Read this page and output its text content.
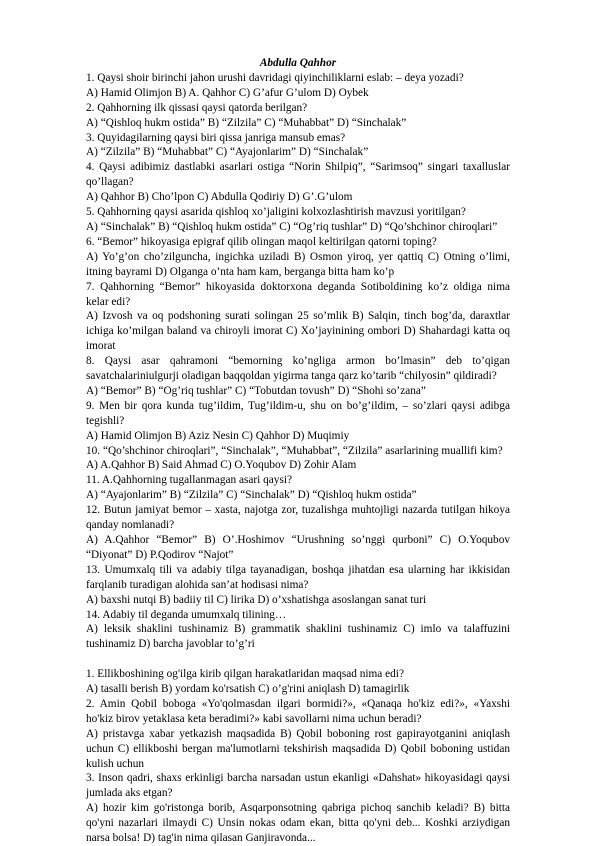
Abdulla Qahhor

1. Qaysi shoir birinchi jahon urushi davridagi qiyinchiliklarni eslab: – deya yozadi?

A) Hamid Olimjon B) A. Qahhor C) G’afur G’ulom D) Oybek

2. Qahhorning ilk qissasi qaysi qatorda berilgan?

A) “Qishloq hukm ostida” B) “Zilzila” C) “Muhabbat” D) “Sinchalak”

3. Quyidagilarning qaysi biri qissa janriga mansub emas?

A) “Zilzila” B) “Muhabbat” C) “Ayajonlarim” D) “Sinchalak”

4. Qaysi adibimiz dastlabki asarlari ostiga “Norin Shilpiq”, “Sarimsoq” singari taxalluslar qo’llagan?

A) Qahhor B) Cho’lpon C) Abdulla Qodiriy D) G’.G’ulom

5. Qahhorning qaysi asarida qishloq xo’jaligini kolxozlashtirish mavzusi yoritilgan?

A) “Sinchalak” B) “Qishloq hukm ostida” C) “Og’riq tushlar” D) “Qo’shchinor chiroqlari”

6. “Bemor” hikoyasiga epigraf qilib olingan maqol keltirilgan qatorni toping?

A) Yo’g’on cho’zilguncha, ingichka uziladi B) Osmon yiroq, yer qattiq C) Otning o’limi, itning bayrami D) Olganga o’nta ham kam, berganga bitta ham ko’p

7. Qahhorning “Bemor” hikoyasida doktorxona deganda Sotiboldining ko’z oldiga nima kelar edi?

A) Izvosh va oq podshoning surati solingan 25 so’mlik B) Salqin, tinch bog’da, daraxtlar ichiga ko’milgan baland va chiroyli imorat C) Xo’jayinining ombori D) Shahardagi katta oq imorat

8. Qaysi asar qahramoni “bemorning ko’ngliga armon bo’lmasin” deb to’qigan savatchalariniulgurji oladigan baqqoldan yigirma tanga qarz ko’tarib “chilyosin” qildiradi?

A) “Bemor” B) “Og’riq tushlar” C) “Tobutdan tovush” D) “Shohi so’zana”

9. Men bir qora kunda tug’ildim, Tug’ildim-u, shu on bo’g’ildim, – so’zlari qaysi adibga tegishli?

A) Hamid Olimjon B) Aziz Nesin C) Qahhor D) Muqimiy

10. “Qo’shchinor chiroqlari”, “Sinchalak”, “Muhabbat”, “Zilzila” asarlarining muallifi kim?

A) A.Qahhor B) Said Ahmad C) O.Yoqubov D) Zohir Alam

11. A.Qahhorning tugallanmagan asari qaysi?

A) “Ayajonlarim” B) “Zilzila” C) “Sinchalak” D) “Qishloq hukm ostida”

12. Butun jamiyat bemor – xasta, najotga zor, tuzalishga muhtojligi nazarda tutilgan hikoya qanday nomlanadi?

A) A.Qahhor “Bemor” B) O’.Hoshimov “Urushning so’nggi qurboni” C) O.Yoqubov “Diyonat” D) P.Qodirov “Najot”

13. Umumxalq tili va adabiy tilga tayanadigan, boshqa jihatdan esa ularning har ikkisidan farqlanib turadigan alohida san’at hodisasi nima?

A) baxshi nutqi B) badiiy til C) lirika D) o’xshatishga asoslangan sanat turi

14. Adabiy til deganda umumxalq tilining…

A) leksik shaklini tushinamiz B) grammatik shaklini tushinamiz C) imlo va talaffuzini tushinamiz D) barcha javoblar to’g’ri

1. Ellikboshining og'ilga kirib qilgan harakatlaridan maqsad nima edi?

A) tasalli berish B) yordam ko'rsatish C) o’g'rini aniqlash D) tamagirlik

2. Amin Qobil boboga «Yo'qolmasdan ilgari bormidi?», «Qanaqa ho'kiz edi?», «Yaxshi ho'kiz birov yetaklasa keta beradimi?» kabi savollarni nima uchun beradi?

A) pristavga xabar yetkazish maqsadida B) Qobil boboning rost gapirayotganini aniqlash uchun C) ellikboshi bergan ma'lumotlarni tekshirish maqsadida D) Qobil boboning ustidan kulish uchun

3. Inson qadri, shaxs erkinligi barcha narsadan ustun ekanligi «Dahshat» hikoyasidagi qaysi jumlada aks etgan?

A) hozir kim go'ristonga borib, Asqarponsotning qabriga pichoq sanchib keladi? B) bitta qo'yni nazarlari ilmaydi C) Unsin nokas odam ekan, bitta qo'yni deb... Koshki arziydigan narsa bolsa! D) tag'in nima qilasan Ganjiravonda...
